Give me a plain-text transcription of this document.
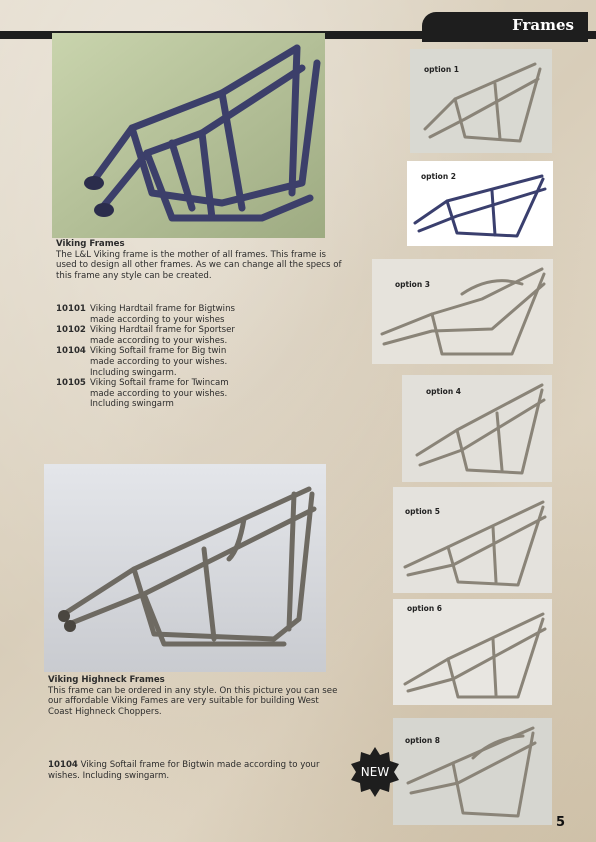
Frames
Viking Frames
The L&L Viking frame is the mother of all frames. This frame is used to design all other frames. As we can change all the specs of this frame any style can be created.
10101 Viking Hardtail frame for Bigtwins made according to your wishes
10102 Viking Hardtail frame for Sportser made according to your wishes.
10104 Viking Softail frame for Big twin made according to your wishes. Including swingarm.
10105 Viking Softail frame for Twincam made according to your wishes. Including swingarm
Viking Highneck Frames
This frame can be ordered in any style. On this picture you can see our affordable Viking Fames are very suitable for building West Coast Highneck Choppers.
10104 Viking Softail frame for Bigtwin made according to your wishes. Including swingarm.
option 1
option 2
option 3
option 4
option 5
option 6
option 8
NEW
5
